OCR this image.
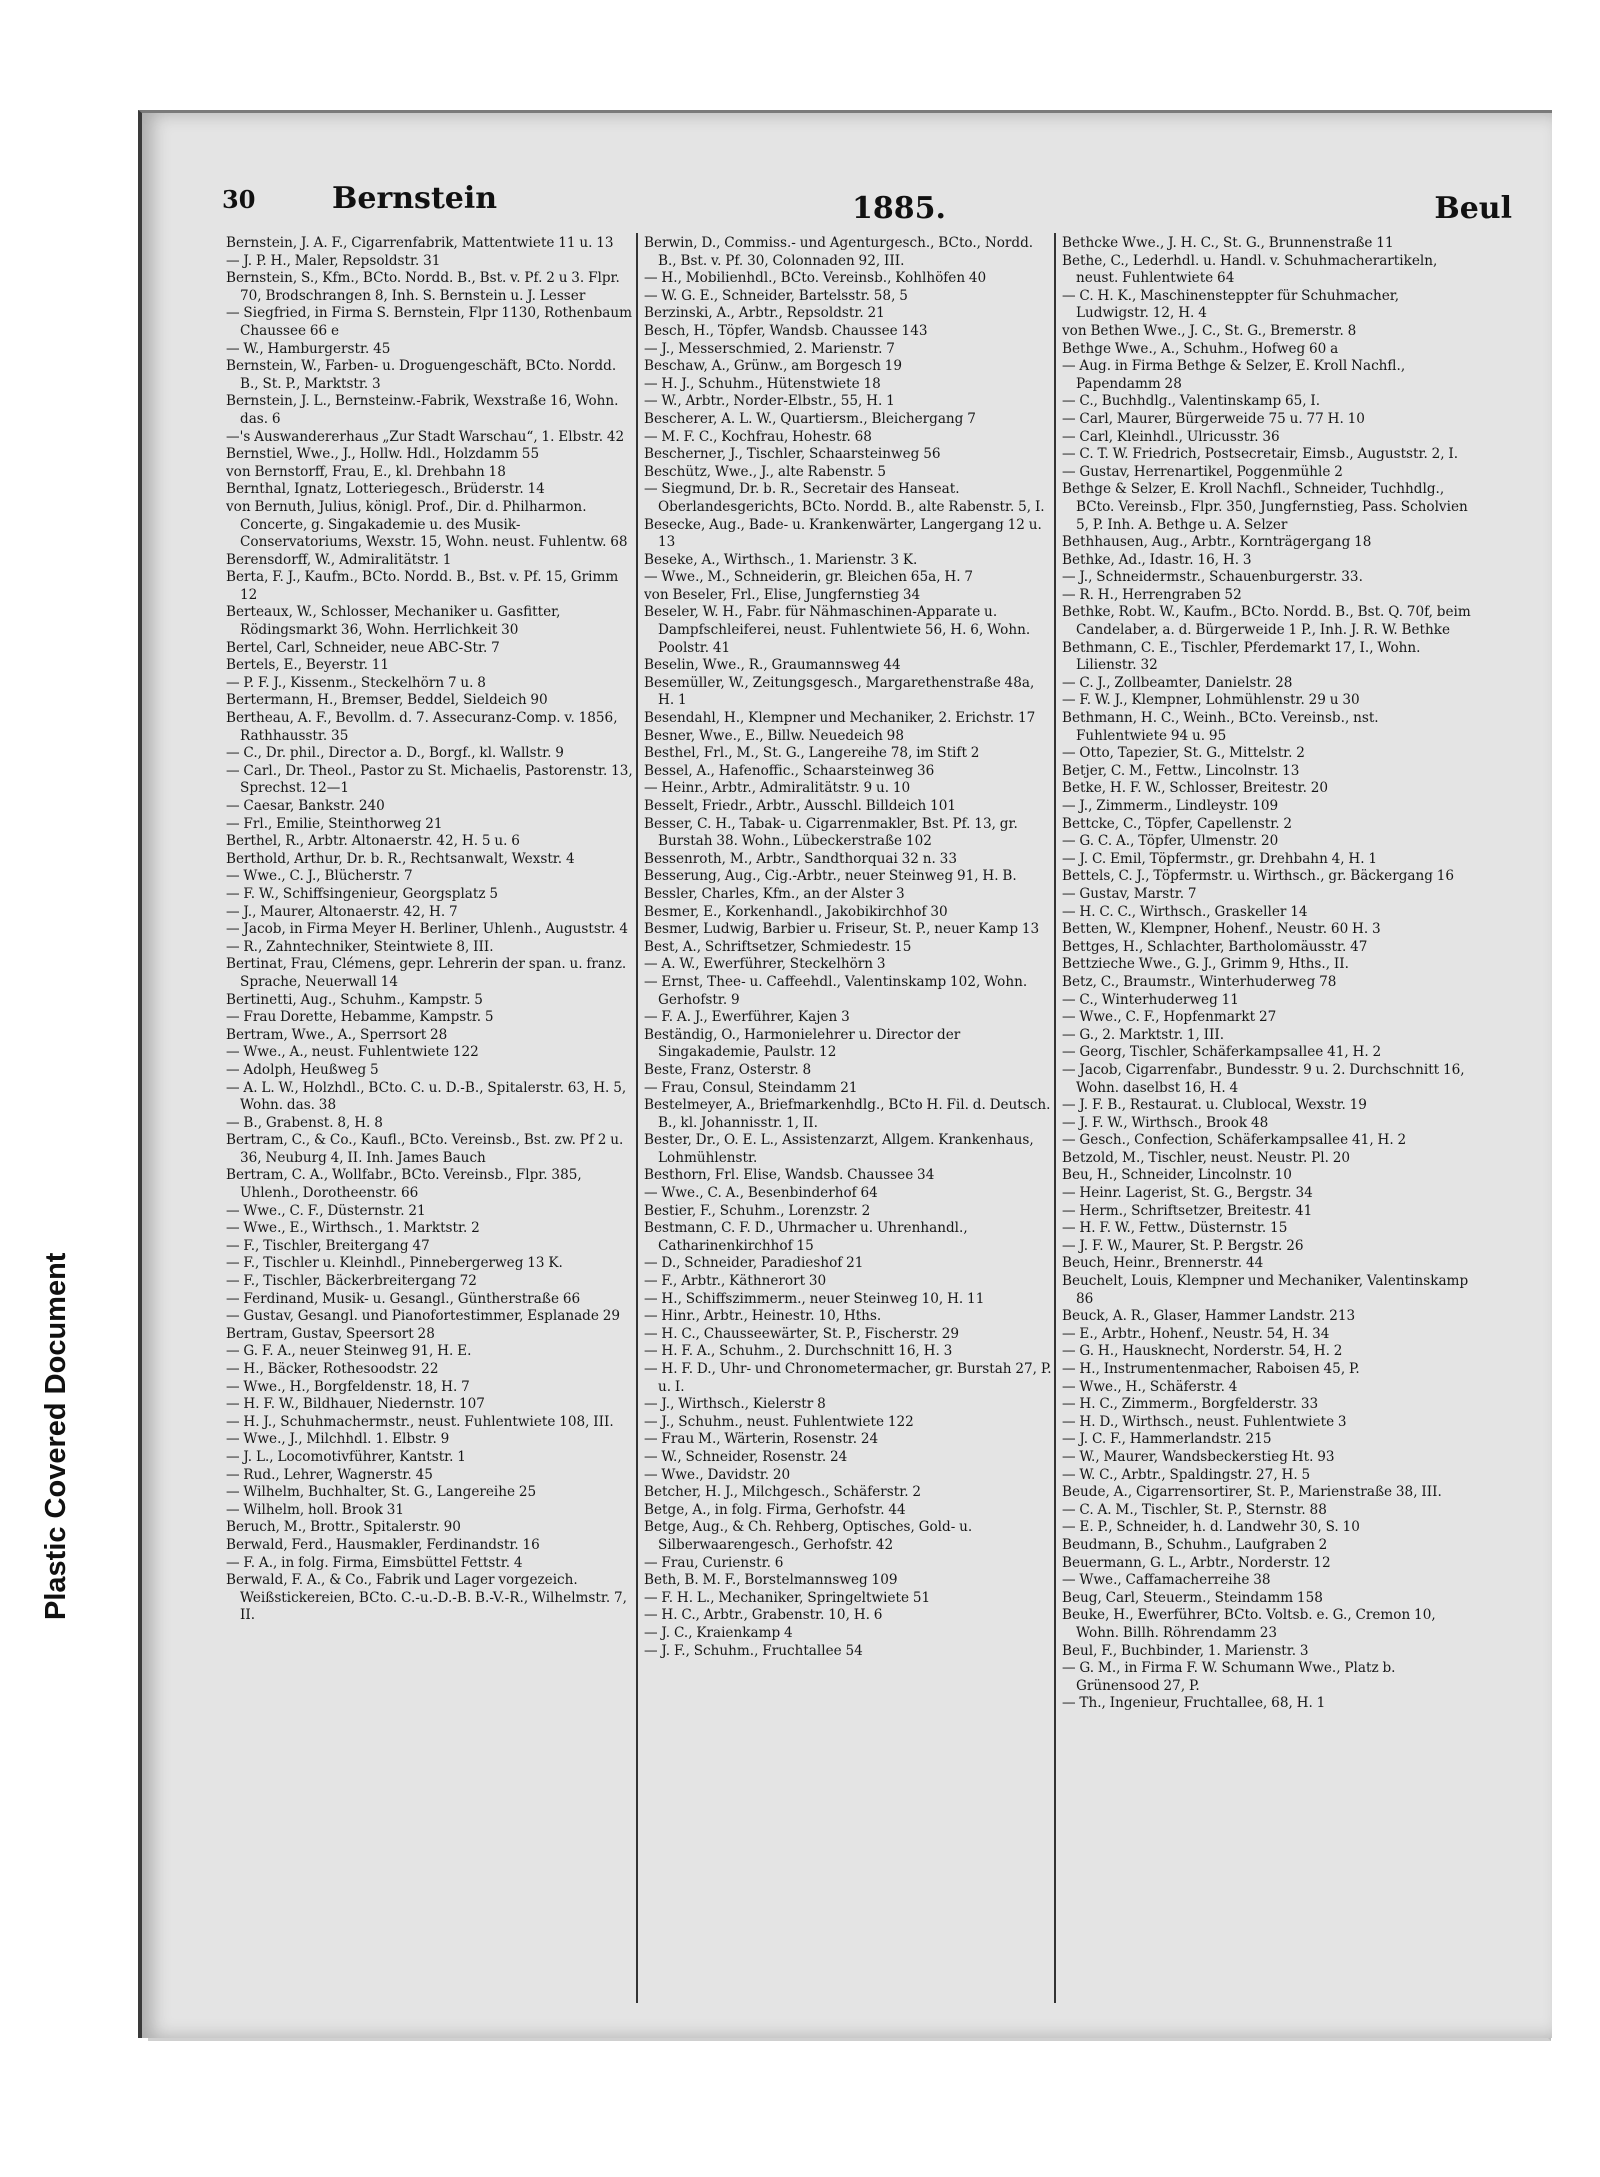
Plastic Covered Document
30	Bernstein	1885.	Beul
Bernstein, J. A. F., Cigarrenfabrik, Mattentwiete 11 u. 13
— J. P. H., Maler, Repsoldstr. 31
Bernstein, S., Kfm., BCto. Nordd. B., Bst. v. Pf. 2 u 3. Flpr. 70, Brodschrangen 8, Inh. S. Bernstein u. J. Lesser
— Siegfried, in Firma S. Bernstein, Flpr 1130, Rothenbaum Chaussee 66 e
— W., Hamburgerstr. 45
Bernstein, W., Farben- u. Droguengeschäft, BCto. Nordd. B., St. P., Marktstr. 3
Bernstein, J. L., Bernsteinw.-Fabrik, Wexstraße 16, Wohn. das. 6
—'s Auswandererhaus „Zur Stadt Warschau“, 1. Elbstr. 42
Bernstiel, Wwe., J., Hollw. Hdl., Holzdamm 55
von Bernstorff, Frau, E., kl. Drehbahn 18
Bernthal, Ignatz, Lotteriegesch., Brüderstr. 14
von Bernuth, Julius, königl. Prof., Dir. d. Philharmon. Concerte, g. Singakademie u. des Musik-Conservatoriums, Wexstr. 15, Wohn. neust. Fuhlentw. 68
Berensdorff, W., Admiralitätstr. 1
Berta, F. J., Kaufm., BCto. Nordd. B., Bst. v. Pf. 15, Grimm 12
Berteaux, W., Schlosser, Mechaniker u. Gasfitter, Rödingsmarkt 36, Wohn. Herrlichkeit 30
Bertel, Carl, Schneider, neue ABC-Str. 7
Bertels, E., Beyerstr. 11
— P. F. J., Kissenm., Steckelhörn 7 u. 8
Bertermann, H., Bremser, Beddel, Sieldeich 90
Bertheau, A. F., Bevollm. d. 7. Assecuranz-Comp. v. 1856, Rathhausstr. 35
— C., Dr. phil., Director a. D., Borgf., kl. Wallstr. 9
— Carl., Dr. Theol., Pastor zu St. Michaelis, Pastorenstr. 13, Sprechst. 12—1
— Caesar, Bankstr. 240
— Frl., Emilie, Steinthorweg 21
Berthel, R., Arbtr. Altonaerstr. 42, H. 5 u. 6
Berthold, Arthur, Dr. b. R., Rechtsanwalt, Wexstr. 4
— Wwe., C. J., Blücherstr. 7
— F. W., Schiffsingenieur, Georgsplatz 5
— J., Maurer, Altonaerstr. 42, H. 7
— Jacob, in Firma Meyer H. Berliner, Uhlenh., Auguststr. 4
— R., Zahntechniker, Steintwiete 8, III.
Bertinat, Frau, Clémens, gepr. Lehrerin der span. u. franz. Sprache, Neuerwall 14
Bertinetti, Aug., Schuhm., Kampstr. 5
— Frau Dorette, Hebamme, Kampstr. 5
Bertram, Wwe., A., Sperrsort 28
— Wwe., A., neust. Fuhlentwiete 122
— Adolph, Heußweg 5
— A. L. W., Holzhdl., BCto. C. u. D.-B., Spitalerstr. 63, H. 5, Wohn. das. 38
— B., Grabenst. 8, H. 8
Bertram, C., & Co., Kaufl., BCto. Vereinsb., Bst. zw. Pf 2 u. 36, Neuburg 4, II. Inh. James Bauch
Bertram, C. A., Wollfabr., BCto. Vereinsb., Flpr. 385, Uhlenh., Dorotheenstr. 66
— Wwe., C. F., Düsternstr. 21
— Wwe., E., Wirthsch., 1. Marktstr. 2
— F., Tischler, Breitergang 47
— F., Tischler u. Kleinhdl., Pinnebergerweg 13 K.
— F., Tischler, Bäckerbreitergang 72
— Ferdinand, Musik- u. Gesangl., Güntherstraße 66
— Gustav, Gesangl. und Pianofortestimmer, Esplanade 29
Bertram, Gustav, Speersort 28
— G. F. A., neuer Steinweg 91, H. E.
— H., Bäcker, Rothesoodstr. 22
— Wwe., H., Borgfeldenstr. 18, H. 7
— H. F. W., Bildhauer, Niedernstr. 107
— H. J., Schuhmachermstr., neust. Fuhlentwiete 108, III.
— Wwe., J., Milchhdl. 1. Elbstr. 9
— J. L., Locomotivführer, Kantstr. 1
— Rud., Lehrer, Wagnerstr. 45
— Wilhelm, Buchhalter, St. G., Langereihe 25
— Wilhelm, holl. Brook 31
Beruch, M., Brottr., Spitalerstr. 90
Berwald, Ferd., Hausmakler, Ferdinandstr. 16
— F. A., in folg. Firma, Eimsbüttel Fettstr. 4
Berwald, F. A., & Co., Fabrik und Lager vorgezeich. Weißstickereien, BCto. C.-u.-D.-B. B.-V.-R., Wilhelmstr. 7, II.
Berwin, D., Commiss.- und Agenturgesch., BCto., Nordd. B., Bst. v. Pf. 30, Colonnaden 92, III.
— H., Mobilienhdl., BCto. Vereinsb., Kohlhöfen 40
— W. G. E., Schneider, Bartelsstr. 58, 5
Berzinski, A., Arbtr., Repsoldstr. 21
Besch, H., Töpfer, Wandsb. Chaussee 143
— J., Messerschmied, 2. Marienstr. 7
Beschaw, A., Grünw., am Borgesch 19
— H. J., Schuhm., Hütenstwiete 18
— W., Arbtr., Norder-Elbstr., 55, H. 1
Bescherer, A. L. W., Quartiersm., Bleichergang 7
— M. F. C., Kochfrau, Hohestr. 68
Bescherner, J., Tischler, Schaarsteinweg 56
Beschütz, Wwe., J., alte Rabenstr. 5
— Siegmund, Dr. b. R., Secretair des Hanseat. Oberlandesgerichts, BCto. Nordd. B., alte Rabenstr. 5, I.
Besecke, Aug., Bade- u. Krankenwärter, Langergang 12 u. 13
Beseke, A., Wirthsch., 1. Marienstr. 3 K.
— Wwe., M., Schneiderin, gr. Bleichen 65a, H. 7
von Beseler, Frl., Elise, Jungfernstieg 34
Beseler, W. H., Fabr. für Nähmaschinen-Apparate u. Dampfschleiferei, neust. Fuhlentwiete 56, H. 6, Wohn. Poolstr. 41
Beselin, Wwe., R., Graumannsweg 44
Besemüller, W., Zeitungsgesch., Margarethenstraße 48a, H. 1
Besendahl, H., Klempner und Mechaniker, 2. Erichstr. 17
Besner, Wwe., E., Billw. Neuedeich 98
Besthel, Frl., M., St. G., Langereihe 78, im Stift 2
Bessel, A., Hafenoffic., Schaarsteinweg 36
— Heinr., Arbtr., Admiralitätstr. 9 u. 10
Besselt, Friedr., Arbtr., Ausschl. Billdeich 101
Besser, C. H., Tabak- u. Cigarrenmakler, Bst. Pf. 13, gr. Burstah 38. Wohn., Lübeckerstraße 102
Bessenroth, M., Arbtr., Sandthorquai 32 n. 33
Besserung, Aug., Cig.-Arbtr., neuer Steinweg 91, H. B.
Bessler, Charles, Kfm., an der Alster 3
Besmer, E., Korkenhandl., Jakobikirchhof 30
Besmer, Ludwig, Barbier u. Friseur, St. P., neuer Kamp 13
Best, A., Schriftsetzer, Schmiedestr. 15
— A. W., Ewerführer, Steckelhörn 3
— Ernst, Thee- u. Caffeehdl., Valentinskamp 102, Wohn. Gerhofstr. 9
— F. A. J., Ewerführer, Kajen 3
Beständig, O., Harmonielehrer u. Director der Singakademie, Paulstr. 12
Beste, Franz, Osterstr. 8
— Frau, Consul, Steindamm 21
Bestelmeyer, A., Briefmarkenhdlg., BCto H. Fil. d. Deutsch. B., kl. Johannisstr. 1, II.
Bester, Dr., O. E. L., Assistenzarzt, Allgem. Krankenhaus, Lohmühlenstr.
Besthorn, Frl. Elise, Wandsb. Chaussee 34
— Wwe., C. A., Besenbinderhof 64
Bestier, F., Schuhm., Lorenzstr. 2
Bestmann, C. F. D., Uhrmacher u. Uhrenhandl., Catharinenkirchhof 15
— D., Schneider, Paradieshof 21
— F., Arbtr., Käthnerort 30
— H., Schiffszimmerm., neuer Steinweg 10, H. 11
— Hinr., Arbtr., Heinestr. 10, Hths.
— H. C., Chausseewärter, St. P., Fischerstr. 29
— H. F. A., Schuhm., 2. Durchschnitt 16, H. 3
— H. F. D., Uhr- und Chronometermacher, gr. Burstah 27, P. u. I.
— J., Wirthsch., Kielerstr 8
— J., Schuhm., neust. Fuhlentwiete 122
— Frau M., Wärterin, Rosenstr. 24
— W., Schneider, Rosenstr. 24
— Wwe., Davidstr. 20
Betcher, H. J., Milchgesch., Schäferstr. 2
Betge, A., in folg. Firma, Gerhofstr. 44
Betge, Aug., & Ch. Rehberg, Optisches, Gold- u. Silberwaarengesch., Gerhofstr. 42
— Frau, Curienstr. 6
Beth, B. M. F., Borstelmannsweg 109
— F. H. L., Mechaniker, Springeltwiete 51
— H. C., Arbtr., Grabenstr. 10, H. 6
— J. C., Kraienkamp 4
— J. F., Schuhm., Fruchtallee 54
Bethcke Wwe., J. H. C., St. G., Brunnenstraße 11
Bethe, C., Lederhdl. u. Handl. v. Schuhmacherartikeln, neust. Fuhlentwiete 64
— C. H. K., Maschinensteppter für Schuhmacher, Ludwigstr. 12, H. 4
von Bethen Wwe., J. C., St. G., Bremerstr. 8
Bethge Wwe., A., Schuhm., Hofweg 60 a
— Aug. in Firma Bethge & Selzer, E. Kroll Nachfl., Papendamm 28
— C., Buchhdlg., Valentinskamp 65, I.
— Carl, Maurer, Bürgerweide 75 u. 77 H. 10
— Carl, Kleinhdl., Ulricusstr. 36
— C. T. W. Friedrich, Postsecretair, Eimsb., Auguststr. 2, I.
— Gustav, Herrenartikel, Poggenmühle 2
Bethge & Selzer, E. Kroll Nachfl., Schneider, Tuchhdlg., BCto. Vereinsb., Flpr. 350, Jungfernstieg, Pass. Scholvien 5, P. Inh. A. Bethge u. A. Selzer
Bethhausen, Aug., Arbtr., Kornträgergang 18
Bethke, Ad., Idastr. 16, H. 3
— J., Schneidermstr., Schauenburgerstr. 33.
— R. H., Herrengraben 52
Bethke, Robt. W., Kaufm., BCto. Nordd. B., Bst. Q. 70f, beim Candelaber, a. d. Bürgerweide 1 P., Inh. J. R. W. Bethke
Bethmann, C. E., Tischler, Pferdemarkt 17, I., Wohn. Lilienstr. 32
— C. J., Zollbeamter, Danielstr. 28
— F. W. J., Klempner, Lohmühlenstr. 29 u 30
Bethmann, H. C., Weinh., BCto. Vereinsb., nst. Fuhlentwiete 94 u. 95
— Otto, Tapezier, St. G., Mittelstr. 2
Betjer, C. M., Fettw., Lincolnstr. 13
Betke, H. F. W., Schlosser, Breitestr. 20
— J., Zimmerm., Lindleystr. 109
Bettcke, C., Töpfer, Capellenstr. 2
— G. C. A., Töpfer, Ulmenstr. 20
— J. C. Emil, Töpfermstr., gr. Drehbahn 4, H. 1
Bettels, C. J., Töpfermstr. u. Wirthsch., gr. Bäckergang 16
— Gustav, Marstr. 7
— H. C. C., Wirthsch., Graskeller 14
Betten, W., Klempner, Hohenf., Neustr. 60 H. 3
Bettges, H., Schlachter, Bartholomäusstr. 47
Bettzieche Wwe., G. J., Grimm 9, Hths., II.
Betz, C., Braumstr., Winterhuderweg 78
— C., Winterhuderweg 11
— Wwe., C. F., Hopfenmarkt 27
— G., 2. Marktstr. 1, III.
— Georg, Tischler, Schäferkampsallee 41, H. 2
— Jacob, Cigarrenfabr., Bundesstr. 9 u. 2. Durchschnitt 16, Wohn. daselbst 16, H. 4
— J. F. B., Restaurat. u. Clublocal, Wexstr. 19
— J. F. W., Wirthsch., Brook 48
— Gesch., Confection, Schäferkampsallee 41, H. 2
Betzold, M., Tischler, neust. Neustr. Pl. 20
Beu, H., Schneider, Lincolnstr. 10
— Heinr. Lagerist, St. G., Bergstr. 34
— Herm., Schriftsetzer, Breitestr. 41
— H. F. W., Fettw., Düsternstr. 15
— J. F. W., Maurer, St. P. Bergstr. 26
Beuch, Heinr., Brennerstr. 44
Beuchelt, Louis, Klempner und Mechaniker, Valentinskamp 86
Beuck, A. R., Glaser, Hammer Landstr. 213
— E., Arbtr., Hohenf., Neustr. 54, H. 34
— G. H., Hausknecht, Norderstr. 54, H. 2
— H., Instrumentenmacher, Raboisen 45, P.
— Wwe., H., Schäferstr. 4
— H. C., Zimmerm., Borgfelderstr. 33
— H. D., Wirthsch., neust. Fuhlentwiete 3
— J. C. F., Hammerlandstr. 215
— W., Maurer, Wandsbeckerstieg Ht. 93
— W. C., Arbtr., Spaldingstr. 27, H. 5
Beude, A., Cigarrensortirer, St. P., Marienstraße 38, III.
— C. A. M., Tischler, St. P., Sternstr. 88
— E. P., Schneider, h. d. Landwehr 30, S. 10
Beudmann, B., Schuhm., Laufgraben 2
Beuermann, G. L., Arbtr., Norderstr. 12
— Wwe., Caffamacherreihe 38
Beug, Carl, Steuerm., Steindamm 158
Beuke, H., Ewerführer, BCto. Voltsb. e. G., Cremon 10, Wohn. Billh. Röhrendamm 23
Beul, F., Buchbinder, 1. Marienstr. 3
— G. M., in Firma F. W. Schumann Wwe., Platz b. Grünensood 27, P.
— Th., Ingenieur, Fruchtallee, 68, H. 1
